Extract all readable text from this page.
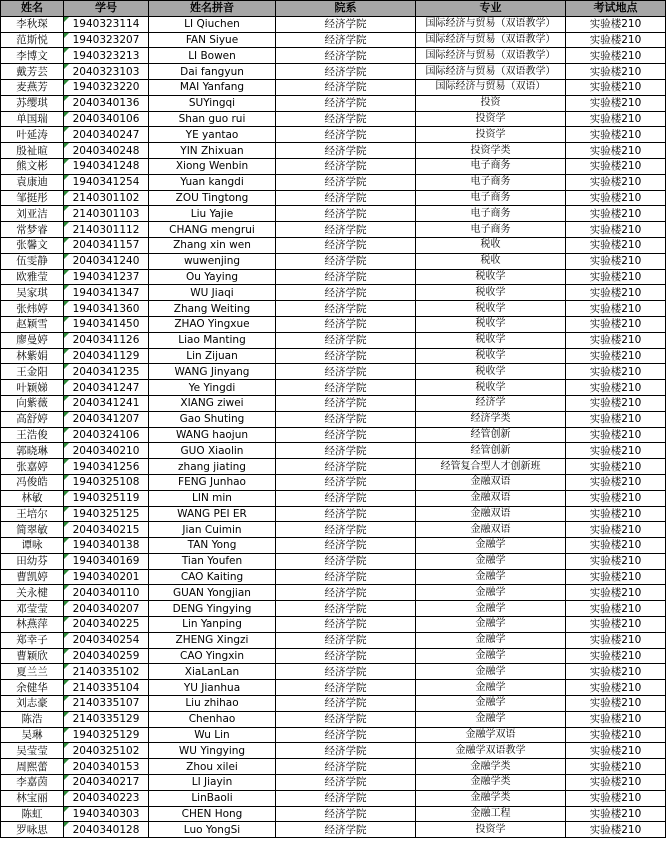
姓名	学号	姓名拼音	院系	专业	考试地点
李秋琛	1940323114	LI Qiuchen	经济学院	国际经济与贸易（双语教学）	实验楼210
范斯悦	1940323207	FAN Siyue	经济学院	国际经济与贸易（双语教学）	实验楼210
李博文	1940323213	LI Bowen	经济学院	国际经济与贸易（双语教学）	实验楼210
戴芳芸	2040323103	Dai fangyun	经济学院	国际经济与贸易（双语教学）	实验楼210
麦燕芳	1940323220	MAI Yanfang	经济学院	国际经济与贸易（双语）	实验楼210
苏缨琪	2040340136	SUYingqi	经济学院	投资	实验楼210
单国瑞	2040340106	Shan guo rui	经济学院	投资学	实验楼210
叶延涛	2040340247	YE yantao	经济学院	投资学	实验楼210
殷祉暄	2040340248	YIN Zhixuan	经济学院	投资学类	实验楼210
熊文彬	1940341248	Xiong Wenbin	经济学院	电子商务	实验楼210
袁康迪	1940341254	Yuan kangdi	经济学院	电子商务	实验楼210
邹挺彤	2140301102	ZOU Tingtong	经济学院	电子商务	实验楼210
刘亚洁	2140301103	Liu Yajie	经济学院	电子商务	实验楼210
常梦睿	2140301112	CHANG mengrui	经济学院	电子商务	实验楼210
张馨文	2040341157	Zhang xin wen	经济学院	税收	实验楼210
伍雯静	2040341240	wuwenjing	经济学院	税收	实验楼210
欧雅莹	1940341237	Ou Yaying	经济学院	税收学	实验楼210
吴家琪	1940341347	WU Jiaqi	经济学院	税收学	实验楼210
张炜婷	1940341360	Zhang Weiting	经济学院	税收学	实验楼210
赵颖雪	1940341450	ZHAO Yingxue	经济学院	税收学	实验楼210
廖曼婷	2040341126	Liao Manting	经济学院	税收学	实验楼210
林紫娟	2040341129	Lin Zijuan	经济学院	税收学	实验楼210
王金阳	2040341235	WANG Jinyang	经济学院	税收学	实验楼210
叶颖娣	2040341247	Ye Yingdi	经济学院	税收学	实验楼210
向紫薇	2040341241	XIANG ziwei	经济学院	经济学	实验楼210
高舒婷	2040341207	Gao Shuting	经济学院	经济学类	实验楼210
王浩俊	2040324106	WANG haojun	经济学院	经管创新	实验楼210
郭晓琳	2040340210	GUO Xiaolin	经济学院	经管创新	实验楼210
张嘉婷	1940341256	zhang jiating	经济学院	经管复合型人才创新班	实验楼210
冯俊皓	1940325108	FENG Junhao	经济学院	金融双语	实验楼210
林敏	1940325119	LIN min	经济学院	金融双语	实验楼210
王培尔	1940325125	WANG PEI ER	经济学院	金融双语	实验楼210
简翠敏	2040340215	Jian Cuimin	经济学院	金融双语	实验楼210
谭咏	1940340138	TAN Yong	经济学院	金融学	实验楼210
田幼芬	1940340169	Tian Youfen	经济学院	金融学	实验楼210
曹凯婷	1940340201	CAO Kaiting	经济学院	金融学	实验楼210
关永楗	2040340110	GUAN Yongjian	经济学院	金融学	实验楼210
邓莹莹	2040340207	DENG Yingying	经济学院	金融学	实验楼210
林燕萍	2040340225	Lin Yanping	经济学院	金融学	实验楼210
郑幸子	2040340254	ZHENG Xingzi	经济学院	金融学	实验楼210
曹颖欣	2040340259	CAO Yingxin	经济学院	金融学	实验楼210
夏兰兰	2140335102	XiaLanLan	经济学院	金融学	实验楼210
余健华	2140335104	YU Jianhua	经济学院	金融学	实验楼210
刘志豪	2140335107	Liu zhihao	经济学院	金融学	实验楼210
陈浩	2140335129	Chenhao	经济学院	金融学	实验楼210
吴琳	1940325129	Wu Lin	经济学院	金融学双语	实验楼210
吴莹莹	2040325102	WU Yingying	经济学院	金融学双语教学	实验楼210
周熙蕾	2040340153	Zhou xilei	经济学院	金融学类	实验楼210
李嘉茵	2040340217	LI Jiayin	经济学院	金融学类	实验楼210
林宝丽	2040340223	LinBaoli	经济学院	金融学类	实验楼210
陈虹	1940340303	CHEN Hong	经济学院	金融工程	实验楼210
罗咏思	2040340128	Luo YongSi	经济学院	投资学	实验楼210
